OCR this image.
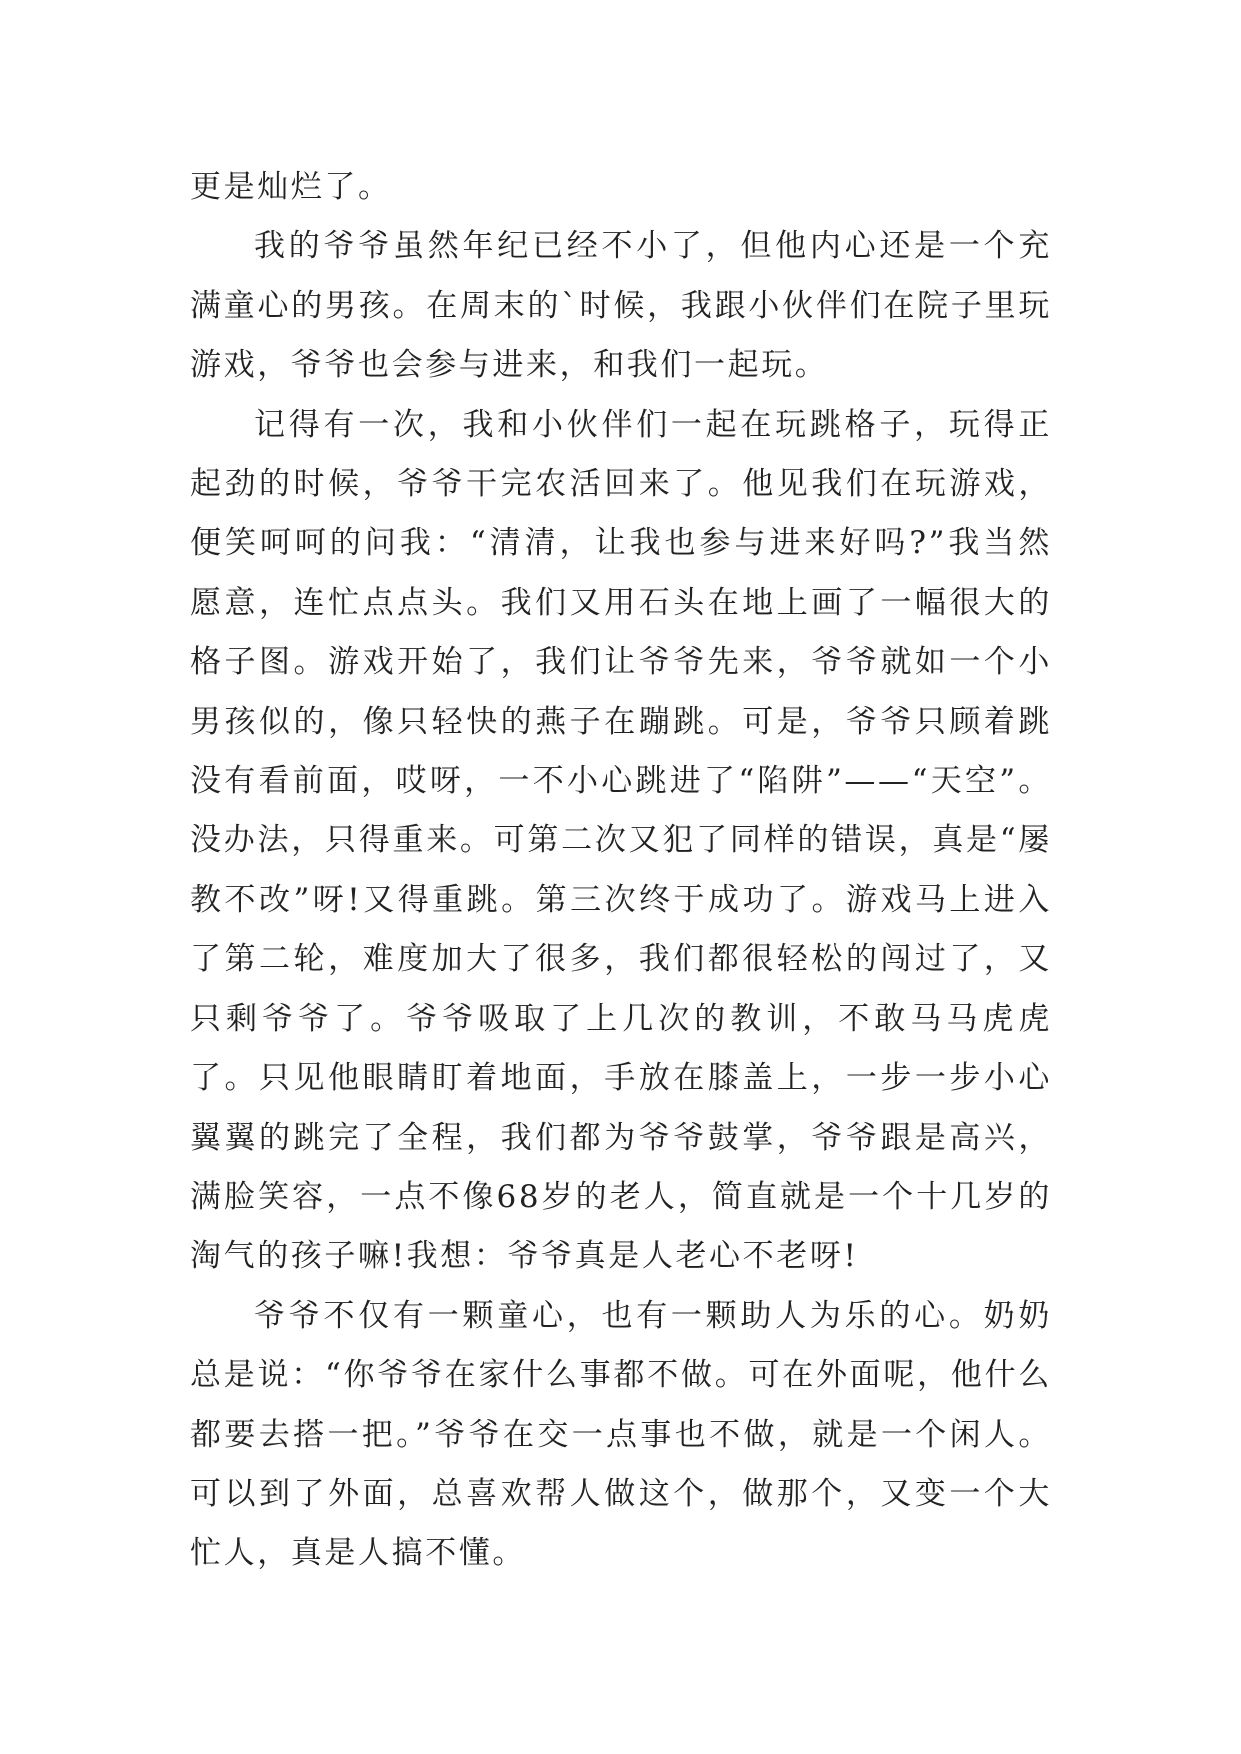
更是灿烂了。

我的爷爷虽然年纪已经不小了，但他内心还是一个充满童心的男孩。在周末的`时候，我跟小伙伴们在院子里玩游戏，爷爷也会参与进来，和我们一起玩。

记得有一次，我和小伙伴们一起在玩跳格子，玩得正起劲的时候，爷爷干完农活回来了。他见我们在玩游戏，便笑呵呵的问我：“清清，让我也参与进来好吗?”我当然愿意，连忙点点头。我们又用石头在地上画了一幅很大的格子图。游戏开始了，我们让爷爷先来，爷爷就如一个小男孩似的，像只轻快的燕子在蹦跳。可是，爷爷只顾着跳没有看前面，哎呀，一不小心跳进了“陷阱”——“天空”。没办法，只得重来。可第二次又犯了同样的错误，真是“屡教不改”呀!又得重跳。第三次终于成功了。游戏马上进入了第二轮，难度加大了很多，我们都很轻松的闯过了，又只剩爷爷了。爷爷吸取了上几次的教训，不敢马马虎虎了。只见他眼睛盯着地面，手放在膝盖上，一步一步小心翼翼的跳完了全程，我们都为爷爷鼓掌，爷爷跟是高兴，满脸笑容，一点不像68岁的老人，简直就是一个十几岁的淘气的孩子嘛!我想：爷爷真是人老心不老呀!

爷爷不仅有一颗童心，也有一颗助人为乐的心。奶奶总是说：“你爷爷在家什么事都不做。可在外面呢，他什么都要去搭一把。”爷爷在交一点事也不做，就是一个闲人。可以到了外面，总喜欢帮人做这个，做那个，又变一个大忙人，真是人搞不懂。
